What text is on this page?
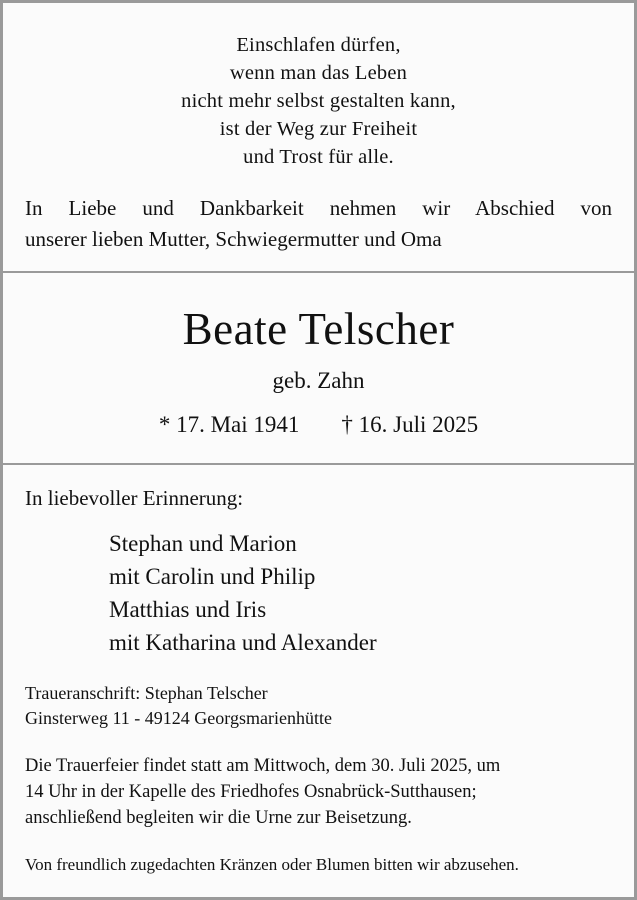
Einschlafen dürfen,
wenn man das Leben
nicht mehr selbst gestalten kann,
ist der Weg zur Freiheit
und Trost für alle.
In Liebe und Dankbarkeit nehmen wir Abschied von
unserer lieben Mutter, Schwiegermutter und Oma
Beate Telscher
geb. Zahn
* 17. Mai 1941 † 16. Juli 2025
In liebevoller Erinnerung:
Stephan und Marion
mit Carolin und Philip
Matthias und Iris
mit Katharina und Alexander
Traueranschrift: Stephan Telscher
Ginsterweg 11 - 49124 Georgsmarienhütte
Die Trauerfeier findet statt am Mittwoch, dem 30. Juli 2025, um
14 Uhr in der Kapelle des Friedhofes Osnabrück-Sutthausen;
anschließend begleiten wir die Urne zur Beisetzung.
Von freundlich zugedachten Kränzen oder Blumen bitten wir abzusehen.
